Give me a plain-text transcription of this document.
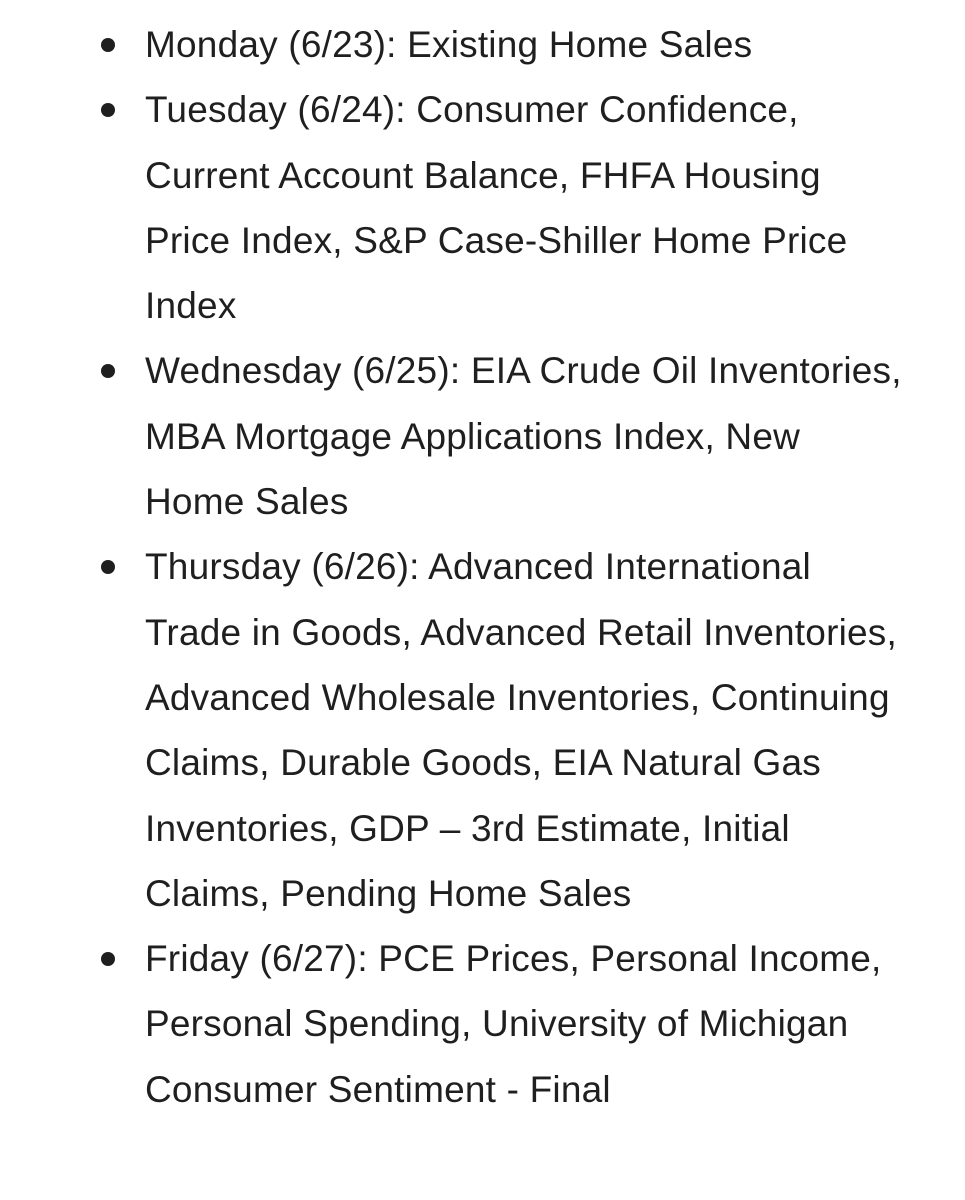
Monday (6/23): Existing Home Sales
Tuesday (6/24): Consumer Confidence, Current Account Balance, FHFA Housing Price Index, S&P Case-Shiller Home Price Index
Wednesday (6/25): EIA Crude Oil Inventories, MBA Mortgage Applications Index, New Home Sales
Thursday (6/26): Advanced International Trade in Goods, Advanced Retail Inventories, Advanced Wholesale Inventories, Continuing Claims, Durable Goods, EIA Natural Gas Inventories, GDP – 3rd Estimate, Initial Claims, Pending Home Sales
Friday (6/27): PCE Prices, Personal Income, Personal Spending, University of Michigan Consumer Sentiment - Final
